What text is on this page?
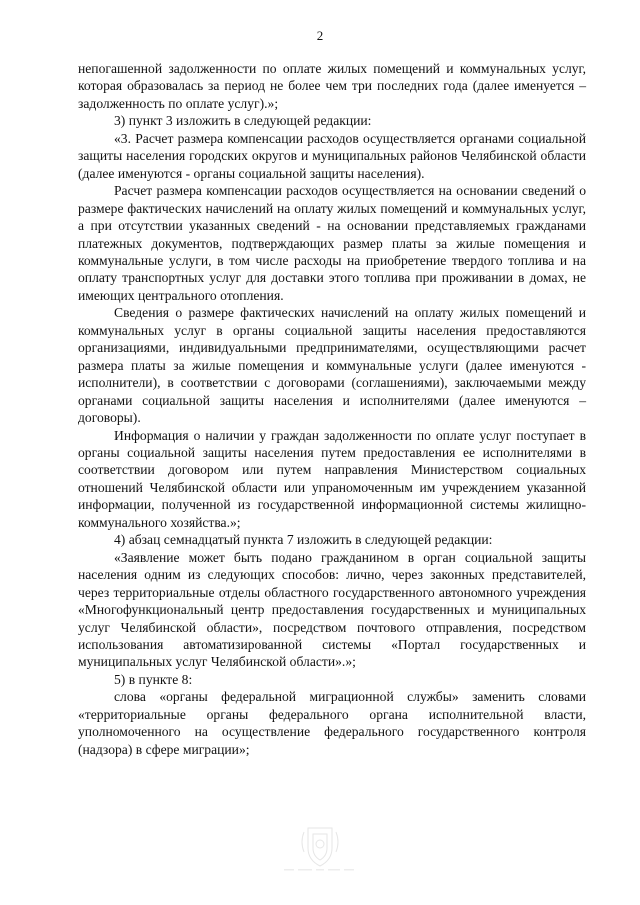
2

непогашенной задолженности по оплате жилых помещений и коммунальных услуг, которая образовалась за период не более чем три последних года (далее именуется – задолженность по оплате услуг).»;

3) пункт 3 изложить в следующей редакции:

«3. Расчет размера компенсации расходов осуществляется органами социальной защиты населения городских округов и муниципальных районов Челябинской области (далее именуются - органы социальной защиты населения).

Расчет размера компенсации расходов осуществляется на основании сведений о размере фактических начислений на оплату жилых помещений и коммунальных услуг, а при отсутствии указанных сведений - на основании представляемых гражданами платежных документов, подтверждающих размер платы за жилые помещения и коммунальные услуги, в том числе расходы на приобретение твердого топлива и на оплату транспортных услуг для доставки этого топлива при проживании в домах, не имеющих центрального отопления.

Сведения о размере фактических начислений на оплату жилых помещений и коммунальных услуг в органы социальной защиты населения предоставляются организациями, индивидуальными предпринимателями, осуществляющими расчет размера платы за жилые помещения и коммунальные услуги (далее именуются - исполнители), в соответствии с договорами (соглашениями), заключаемыми между органами социальной защиты населения и исполнителями (далее именуются – договоры).

Информация о наличии у граждан задолженности по оплате услуг поступает в органы социальной защиты населения путем предоставления ее исполнителями в соответствии договором или путем направления Министерством социальных отношений Челябинской области или упраномоченным им учреждением указанной информации, полученной из государственной информационной системы жилищно-коммунального хозяйства.»;

4) абзац семнадцатый пункта 7 изложить в следующей редакции:

«Заявление может быть подано гражданином в орган социальной защиты населения одним из следующих способов: лично, через законных представителей, через территориальные отделы областного государственного автономного учреждения «Многофункциональный центр предоставления государственных и муниципальных услуг Челябинской области», посредством почтового отправления, посредством использования автоматизированной системы «Портал государственных и муниципальных услуг Челябинской области».»;

5) в пункте 8:

слова «органы федеральной миграционной службы» заменить словами «территориальные органы федерального органа исполнительной власти, уполномоченного на осуществление федерального государственного контроля (надзора) в сфере миграции»;
